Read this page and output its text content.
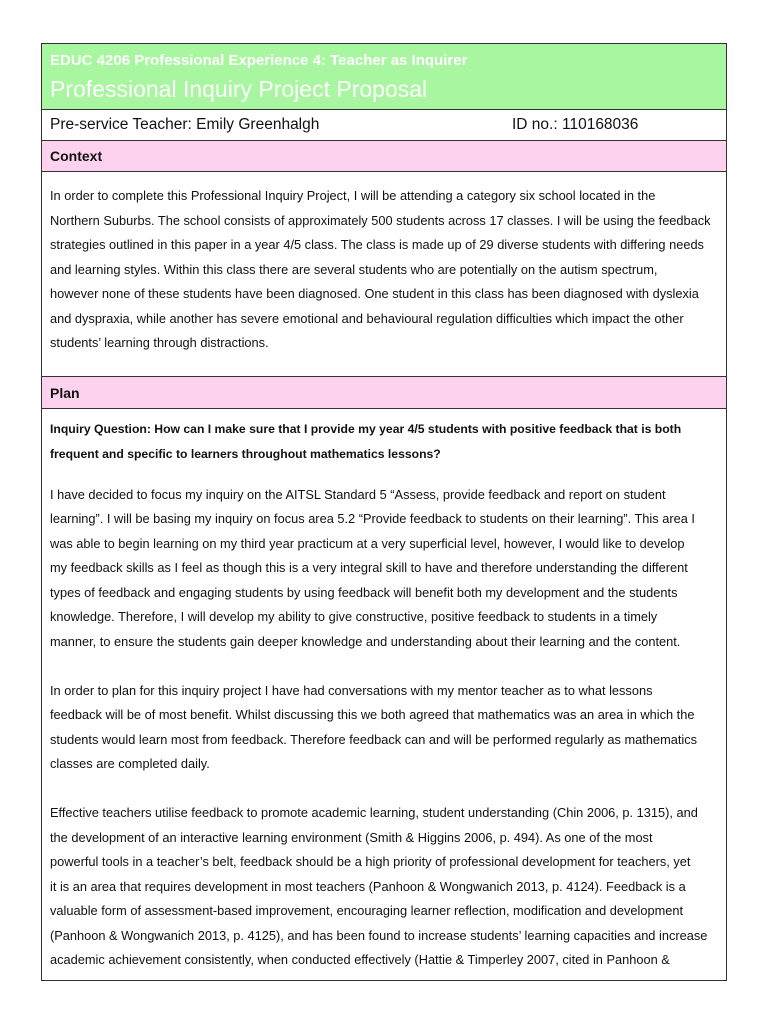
EDUC 4206 Professional Experience 4: Teacher as Inquirer
Professional Inquiry Project Proposal
Pre-service Teacher: Emily Greenhalgh	ID no.: 110168036
Context
In order to complete this Professional Inquiry Project, I will be attending a category six school located in the
Northern Suburbs. The school consists of approximately 500 students across 17 classes. I will be using the feedback
strategies outlined in this paper in a year 4/5 class. The class is made up of 29 diverse students with differing needs
and learning styles. Within this class there are several students who are potentially on the autism spectrum,
however none of these students have been diagnosed. One student in this class has been diagnosed with dyslexia
and dyspraxia, while another has severe emotional and behavioural regulation difficulties which impact the other
students’ learning through distractions.
Plan
Inquiry Question: How can I make sure that I provide my year 4/5 students with positive feedback that is both
frequent and specific to learners throughout mathematics lessons?
I have decided to focus my inquiry on the AITSL Standard 5 “Assess, provide feedback and report on student
learning”. I will be basing my inquiry on focus area 5.2 “Provide feedback to students on their learning”. This area I
was able to begin learning on my third year practicum at a very superficial level, however, I would like to develop
my feedback skills as I feel as though this is a very integral skill to have and therefore understanding the different
types of feedback and engaging students by using feedback will benefit both my development and the students
knowledge. Therefore, I will develop my ability to give constructive, positive feedback to students in a timely
manner, to ensure the students gain deeper knowledge and understanding about their learning and the content.
In order to plan for this inquiry project I have had conversations with my mentor teacher as to what lessons
feedback will be of most benefit. Whilst discussing this we both agreed that mathematics was an area in which the
students would learn most from feedback. Therefore feedback can and will be performed regularly as mathematics
classes are completed daily.
Effective teachers utilise feedback to promote academic learning, student understanding (Chin 2006, p. 1315), and
the development of an interactive learning environment (Smith & Higgins 2006, p. 494). As one of the most
powerful tools in a teacher’s belt, feedback should be a high priority of professional development for teachers, yet
it is an area that requires development in most teachers (Panhoon & Wongwanich 2013, p. 4124). Feedback is a
valuable form of assessment-based improvement, encouraging learner reflection, modification and development
(Panhoon & Wongwanich 2013, p. 4125), and has been found to increase students’ learning capacities and increase
academic achievement consistently, when conducted effectively (Hattie & Timperley 2007, cited in Panhoon &
